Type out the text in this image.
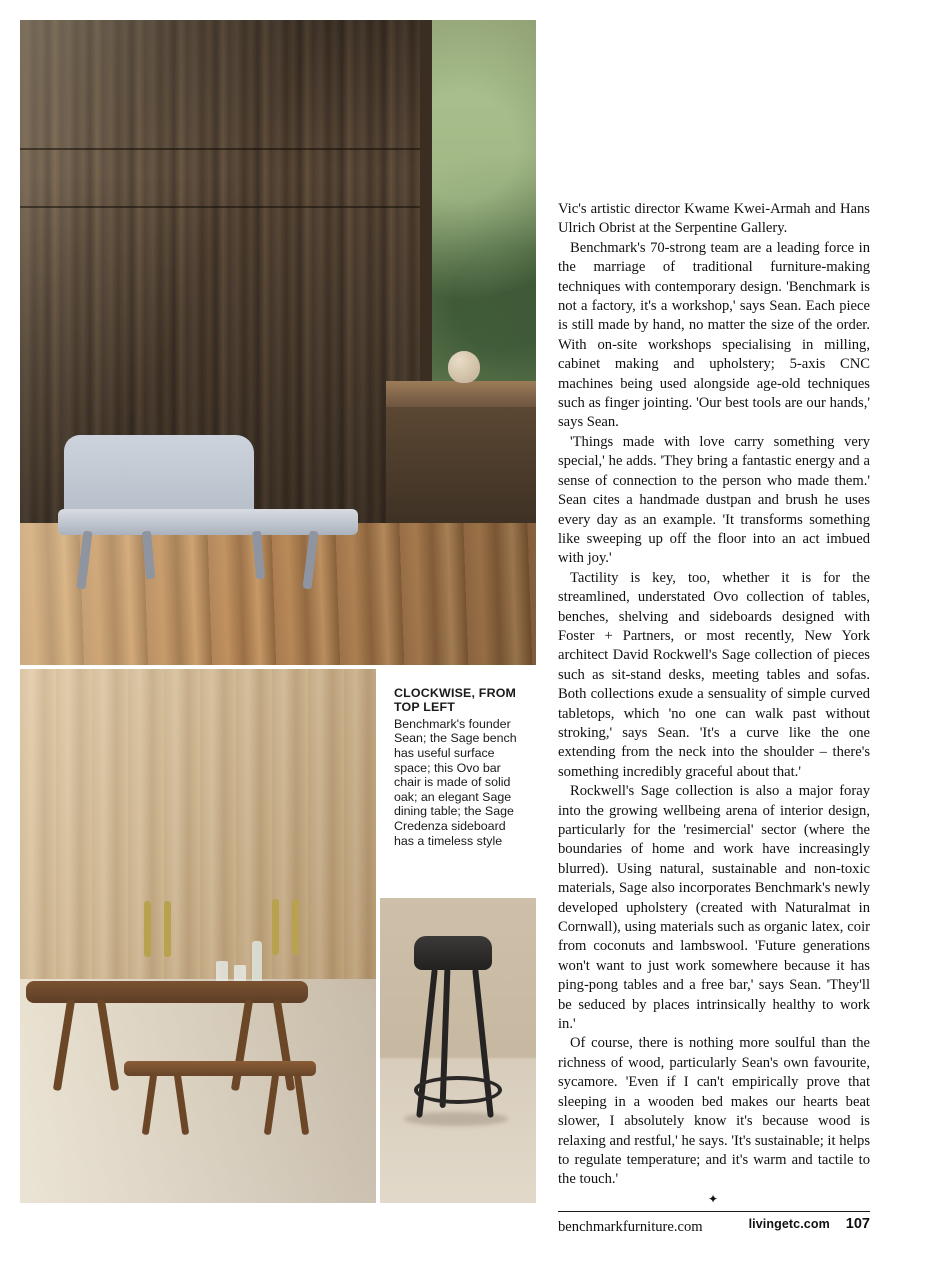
CLOCKWISE, FROM TOP LEFT
Benchmark's founder Sean; the Sage bench has useful surface space; this Ovo bar chair is made of solid oak; an elegant Sage dining table; the Sage Credenza sideboard has a timeless style

Vic's artistic director Kwame Kwei-Armah and Hans Ulrich Obrist at the Serpentine Gallery.

Benchmark's 70-strong team are a leading force in the marriage of traditional furniture-making techniques with contemporary design. 'Benchmark is not a factory, it's a workshop,' says Sean. Each piece is still made by hand, no matter the size of the order. With on-site workshops specialising in milling, cabinet making and upholstery; 5-axis CNC machines being used alongside age-old techniques such as finger jointing. 'Our best tools are our hands,' says Sean.

'Things made with love carry something very special,' he adds. 'They bring a fantastic energy and a sense of connection to the person who made them.' Sean cites a handmade dustpan and brush he uses every day as an example. 'It transforms something like sweeping up off the floor into an act imbued with joy.'

Tactility is key, too, whether it is for the streamlined, understated Ovo collection of tables, benches, shelving and sideboards designed with Foster + Partners, or most recently, New York architect David Rockwell's Sage collection of pieces such as sit-stand desks, meeting tables and sofas. Both collections exude a sensuality of simple curved tabletops, which 'no one can walk past without stroking,' says Sean. 'It's a curve like the one extending from the neck into the shoulder – there's something incredibly graceful about that.'

Rockwell's Sage collection is also a major foray into the growing wellbeing arena of interior design, particularly for the 'resimercial' sector (where the boundaries of home and work have increasingly blurred). Using natural, sustainable and non-toxic materials, Sage also incorporates Benchmark's newly developed upholstery (created with Naturalmat in Cornwall), using materials such as organic latex, coir from coconuts and lambswool. 'Future generations won't want to just work somewhere because it has ping-pong tables and a free bar,' says Sean. 'They'll be seduced by places intrinsically healthy to work in.'

Of course, there is nothing more soulful than the richness of wood, particularly Sean's own favourite, sycamore. 'Even if I can't empirically prove that sleeping in a wooden bed makes our hearts beat slower, I absolutely know it's because wood is relaxing and restful,' he says. 'It's sustainable; it helps to regulate temperature; and it's warm and tactile to the touch.'

✦
benchmarkfurniture.com	livingetc.com 107
